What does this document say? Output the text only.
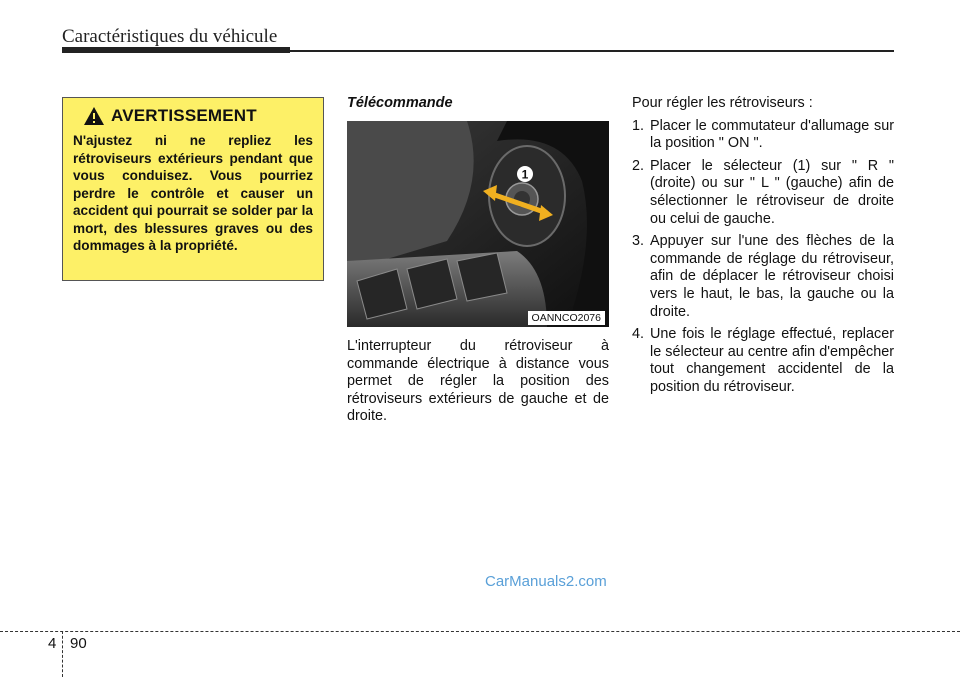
Caractéristiques du véhicule
AVERTISSEMENT
N'ajustez ni ne repliez les rétroviseurs extérieurs pendant que vous conduisez. Vous pourriez perdre le contrôle et causer un accident qui pourrait se solder par la mort, des blessures graves ou des dommages à la propriété.
Télécommande
1
OANNCO2076
L'interrupteur du rétroviseur à commande électrique à distance vous permet de régler la position des rétroviseurs extérieurs de gauche et de droite.
Pour régler les rétroviseurs :
1. Placer le commutateur d'allumage sur la position " ON ".
2. Placer le sélecteur (1) sur " R " (droite) ou sur " L " (gauche) afin de sélectionner le rétroviseur de droite ou celui de gauche.
3. Appuyer sur l'une des flèches de la commande de réglage du rétroviseur, afin de déplacer le rétroviseur choisi vers le haut, le bas, la gauche ou la droite.
4. Une fois le réglage effectué, replacer le sélecteur au centre afin d'empêcher tout changement accidentel de la position du rétroviseur.
CarManuals2.com
4 90
